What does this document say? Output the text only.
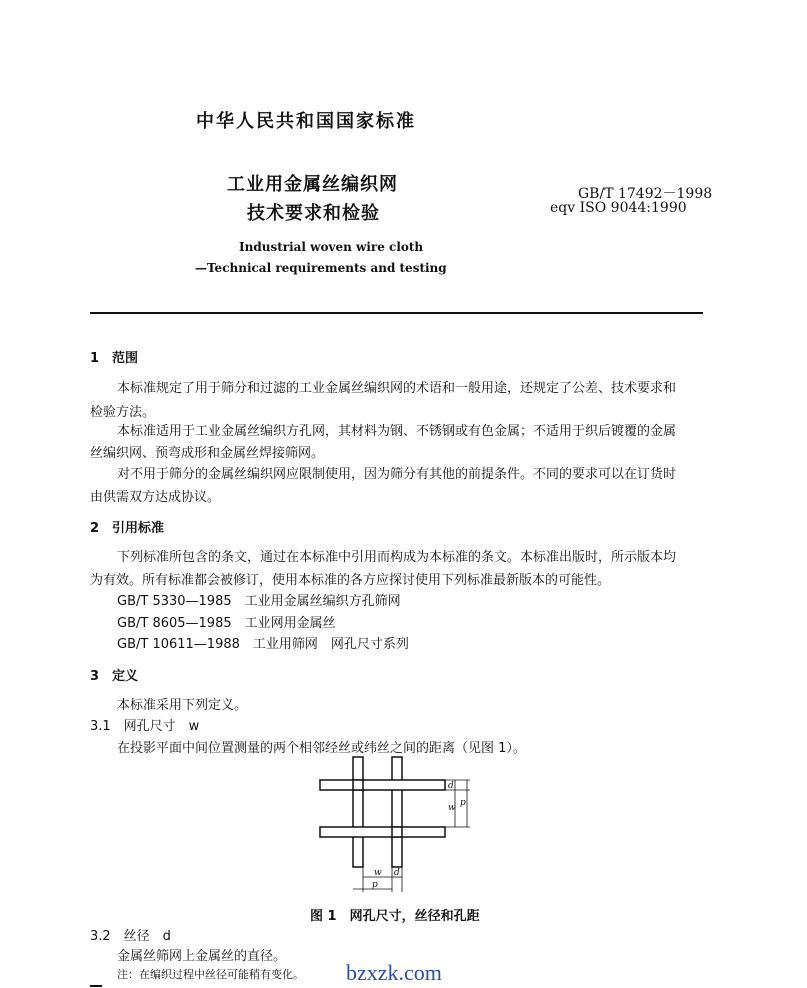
中华人民共和国国家标准
工业用金属丝编织网
技术要求和检验
GB/T 17492－1998
eqv ISO 9044:1990
Industrial woven wire cloth
—Technical requirements and testing
1　范围
本标准规定了用于筛分和过滤的工业金属丝编织网的术语和一般用途，还规定了公差、技术要求和
检验方法。
本标准适用于工业金属丝编织方孔网，其材料为钢、不锈钢或有色金属；不适用于织后镀覆的金属
丝编织网、预弯成形和金属丝焊接筛网。
对不用于筛分的金属丝编织网应限制使用，因为筛分有其他的前提条件。不同的要求可以在订货时
由供需双方达成协议。
2　引用标准
下列标准所包含的条文，通过在本标准中引用而构成为本标准的条文。本标准出版时，所示版本均
为有效。所有标准都会被修订，使用本标准的各方应探讨使用下列标准最新版本的可能性。
GB/T 5330—1985　工业用金属丝编织方孔筛网
GB/T 8605—1985　工业网用金属丝
GB/T 10611—1988　工业用筛网　网孔尺寸系列
3　定义
本标准采用下列定义。
3.1　网孔尺寸　w
在投影平面中间位置测量的两个相邻经丝或纬丝之间的距离（见图 1）。
d
w p
w d
p
图 1　网孔尺寸，丝径和孔距
3.2　丝径　d
金属丝筛网上金属丝的直径。
注：在编织过程中丝径可能稍有变化。 bzxzk.com
